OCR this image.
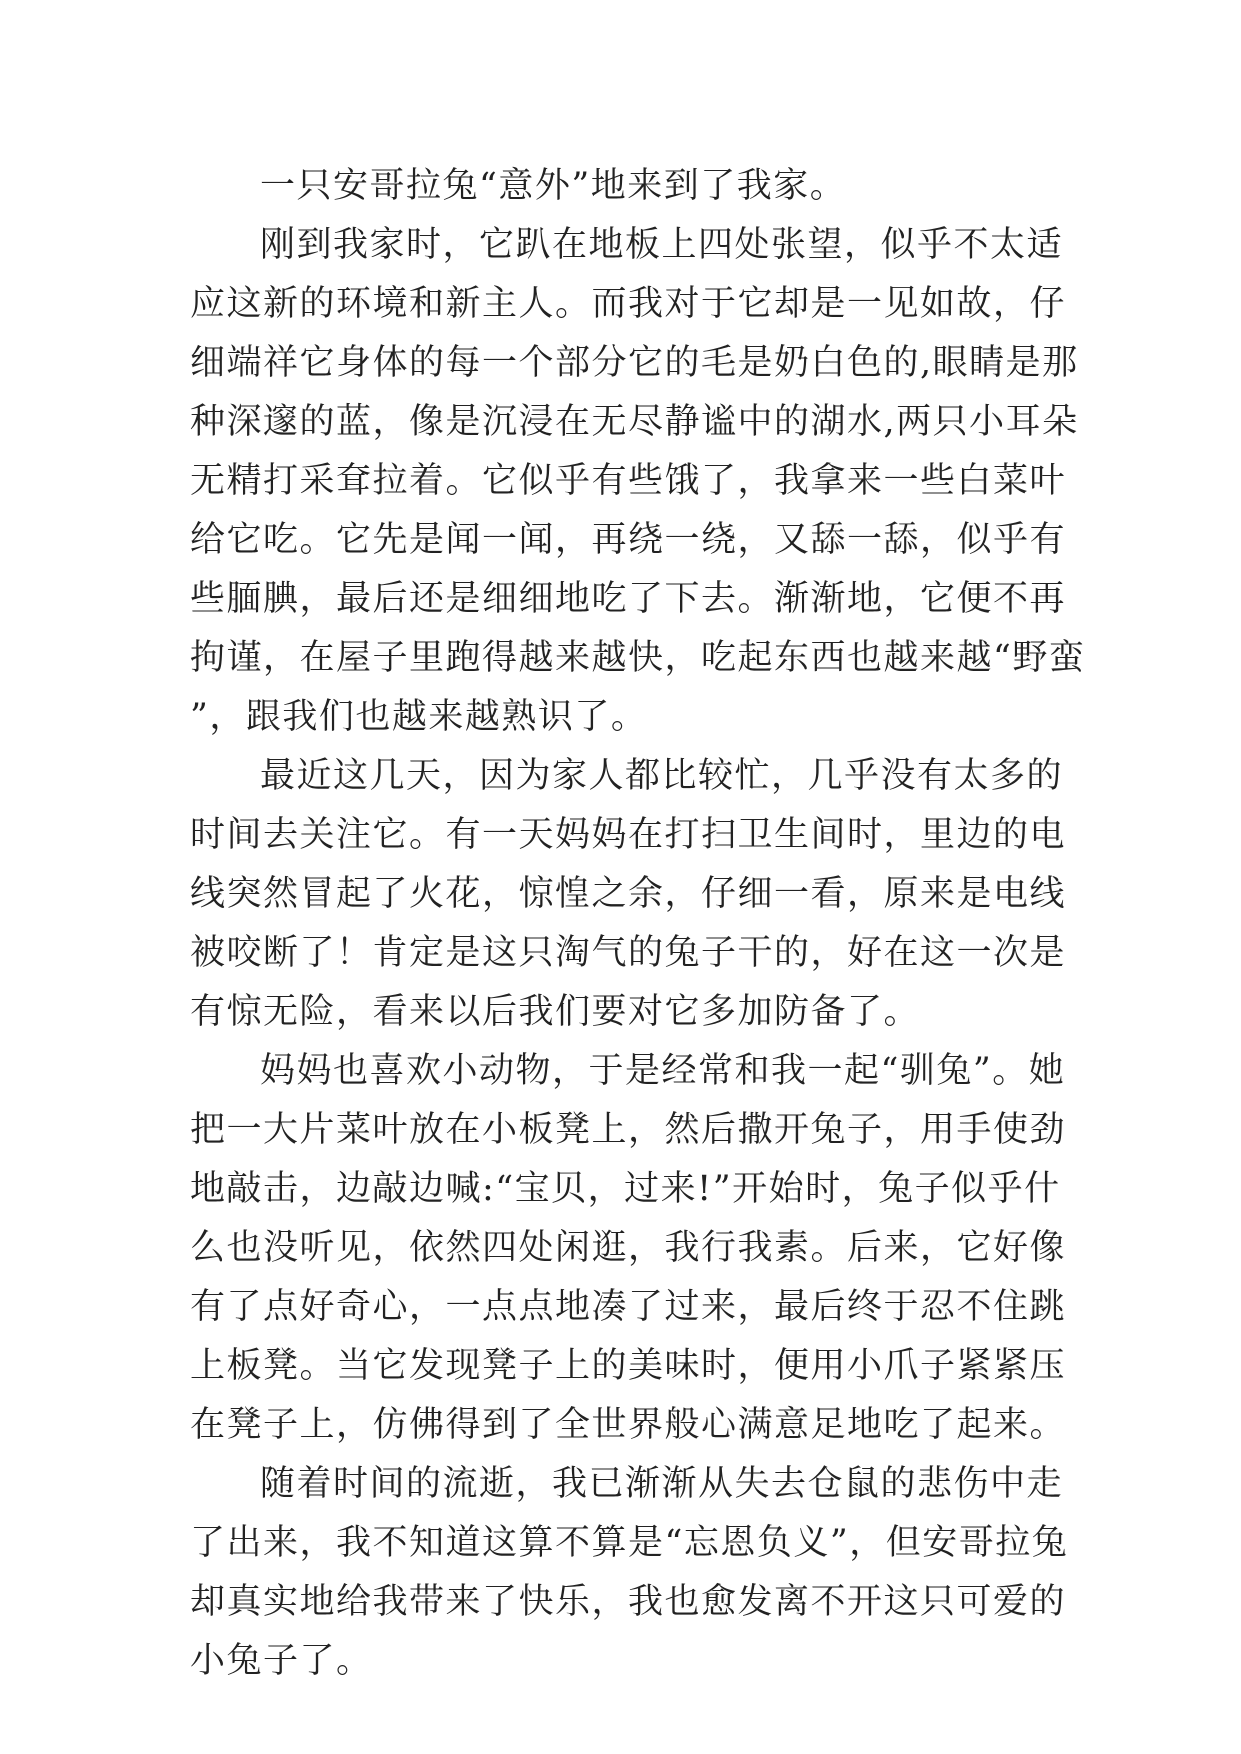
一只安哥拉兔“意外”地来到了我家。

刚到我家时，它趴在地板上四处张望，似乎不太适应这新的环境和新主人。而我对于它却是一见如故，仔细端祥它身体的每一个部分它的毛是奶白色的,眼睛是那种深邃的蓝，像是沉浸在无尽静谧中的湖水,两只小耳朵无精打采耷拉着。它似乎有些饿了，我拿来一些白菜叶给它吃。它先是闻一闻，再绕一绕，又舔一舔，似乎有些腼腆，最后还是细细地吃了下去。渐渐地，它便不再拘谨，在屋子里跑得越来越快，吃起东西也越来越“野蛮”，跟我们也越来越熟识了。

最近这几天，因为家人都比较忙，几乎没有太多的时间去关注它。有一天妈妈在打扫卫生间时，里边的电线突然冒起了火花，惊惶之余，仔细一看，原来是电线被咬断了！肯定是这只淘气的兔子干的，好在这一次是有惊无险，看来以后我们要对它多加防备了。

妈妈也喜欢小动物，于是经常和我一起“驯兔”。她把一大片菜叶放在小板凳上，然后撒开兔子，用手使劲地敲击，边敲边喊:“宝贝，过来!”开始时，兔子似乎什么也没听见，依然四处闲逛，我行我素。后来，它好像有了点好奇心，一点点地凑了过来，最后终于忍不住跳上板凳。当它发现凳子上的美味时，便用小爪子紧紧压在凳子上，仿佛得到了全世界般心满意足地吃了起来。

随着时间的流逝，我已渐渐从失去仓鼠的悲伤中走了出来，我不知道这算不算是“忘恩负义”，但安哥拉兔却真实地给我带来了快乐，我也愈发离不开这只可爱的小兔子了。
